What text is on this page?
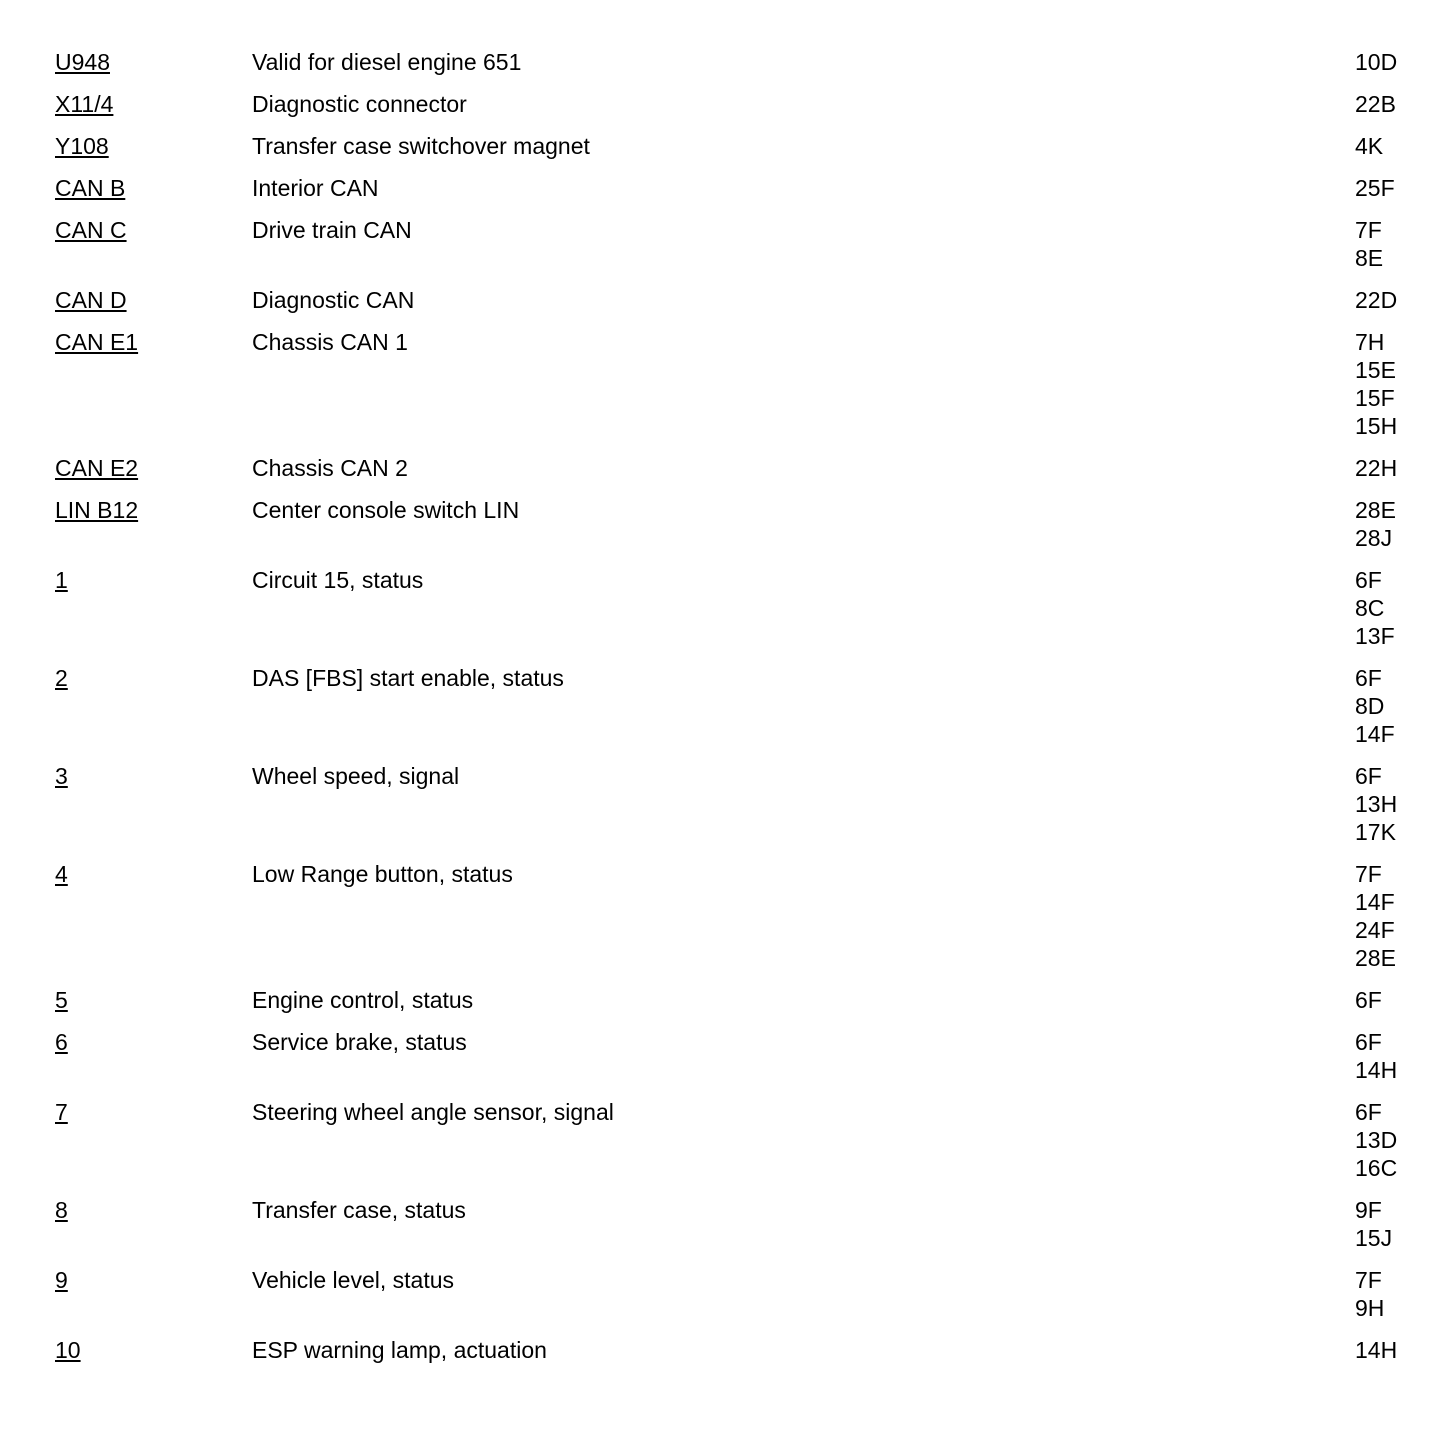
U948	Valid for diesel engine 651	10D
X11/4	Diagnostic connector	22B
Y108	Transfer case switchover magnet	4K
CAN B	Interior CAN	25F
CAN C	Drive train CAN	7F
8E
CAN D	Diagnostic CAN	22D
CAN E1	Chassis CAN 1	7H
15E
15F
15H
CAN E2	Chassis CAN 2	22H
LIN B12	Center console switch LIN	28E
28J
1	Circuit 15, status	6F
8C
13F
2	DAS [FBS] start enable, status	6F
8D
14F
3	Wheel speed, signal	6F
13H
17K
4	Low Range button, status	7F
14F
24F
28E
5	Engine control, status	6F
6	Service brake, status	6F
14H
7	Steering wheel angle sensor, signal	6F
13D
16C
8	Transfer case, status	9F
15J
9	Vehicle level, status	7F
9H
10	ESP warning lamp, actuation	14H
